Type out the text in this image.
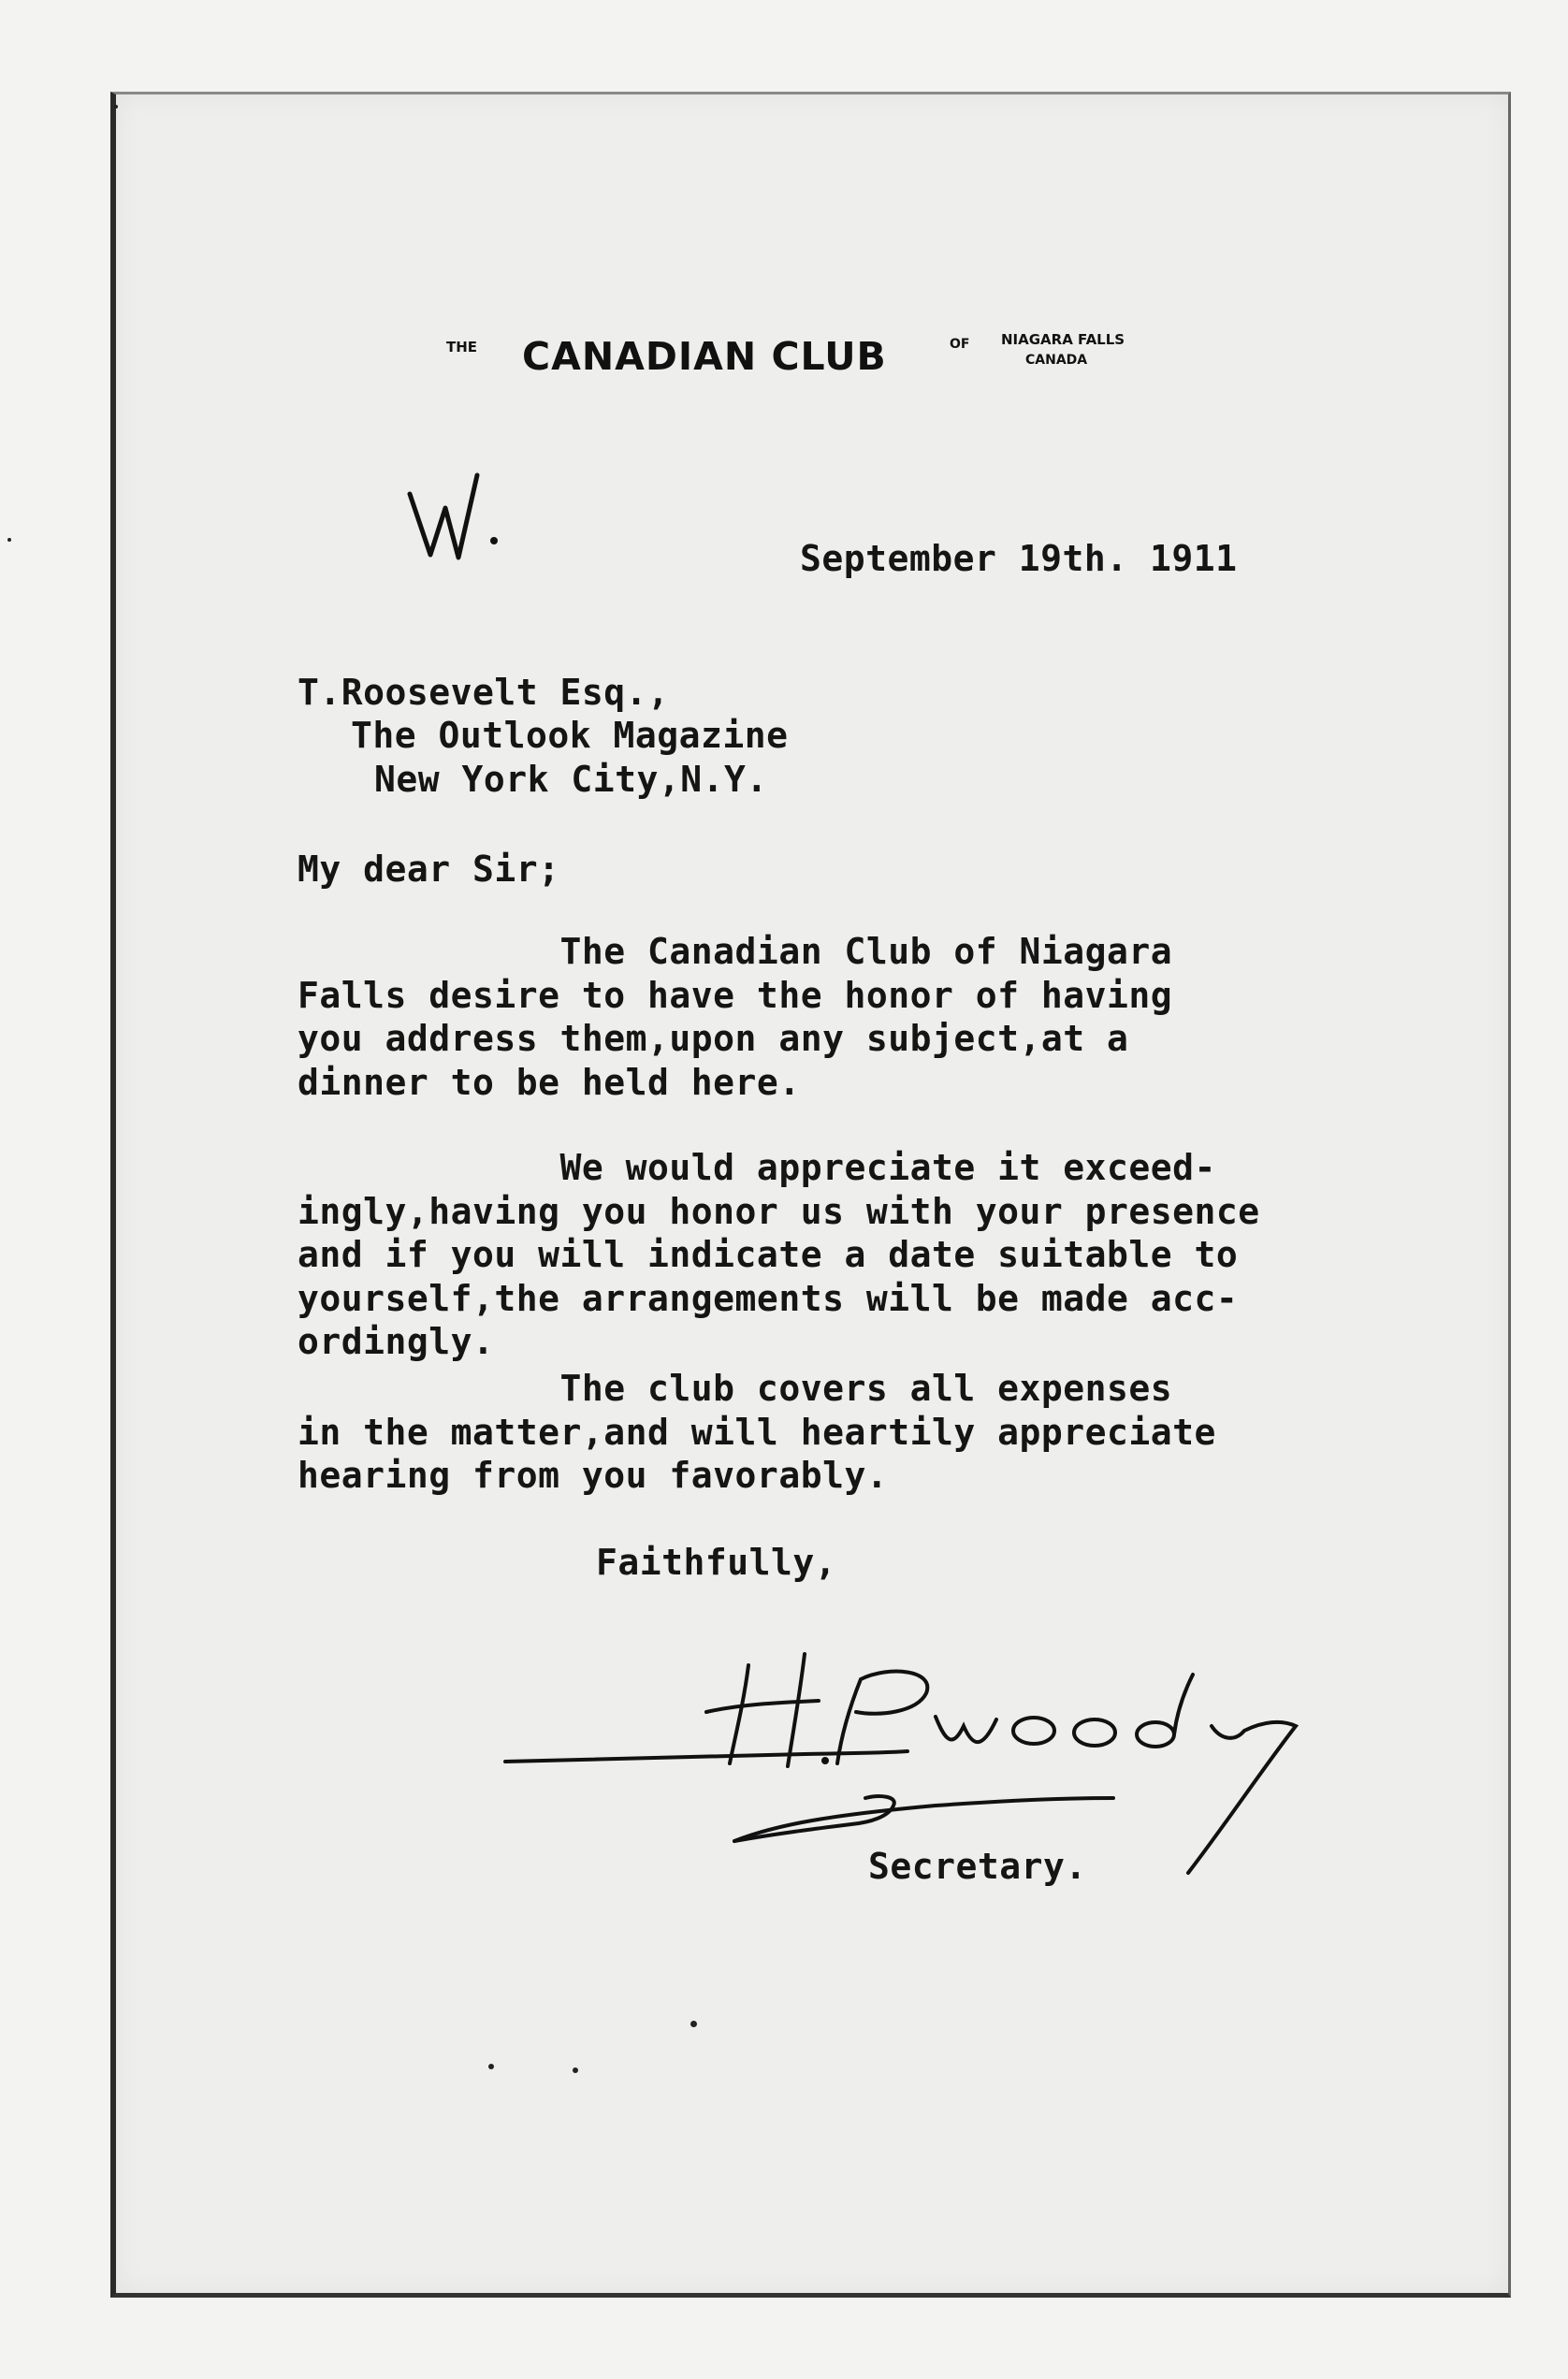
THE CANADIAN CLUB	OF NIAGARA FALLS
CANADA
September 19th. 1911
T.Roosevelt Esq.,
The Outlook Magazine
New York City,N.Y.
My dear Sir;
The Canadian Club of Niagara
Falls desire to have the honor of having
you address them,upon any subject,at a
dinner to be held here.
We would appreciate it exceed-
ingly,having you honor us with your presence
and if you will indicate a date suitable to
yourself,the arrangements will be made acc-
ordingly.
The club covers all expenses
in the matter,and will heartily appreciate
hearing from you favorably.
Faithfully,
Secretary.
